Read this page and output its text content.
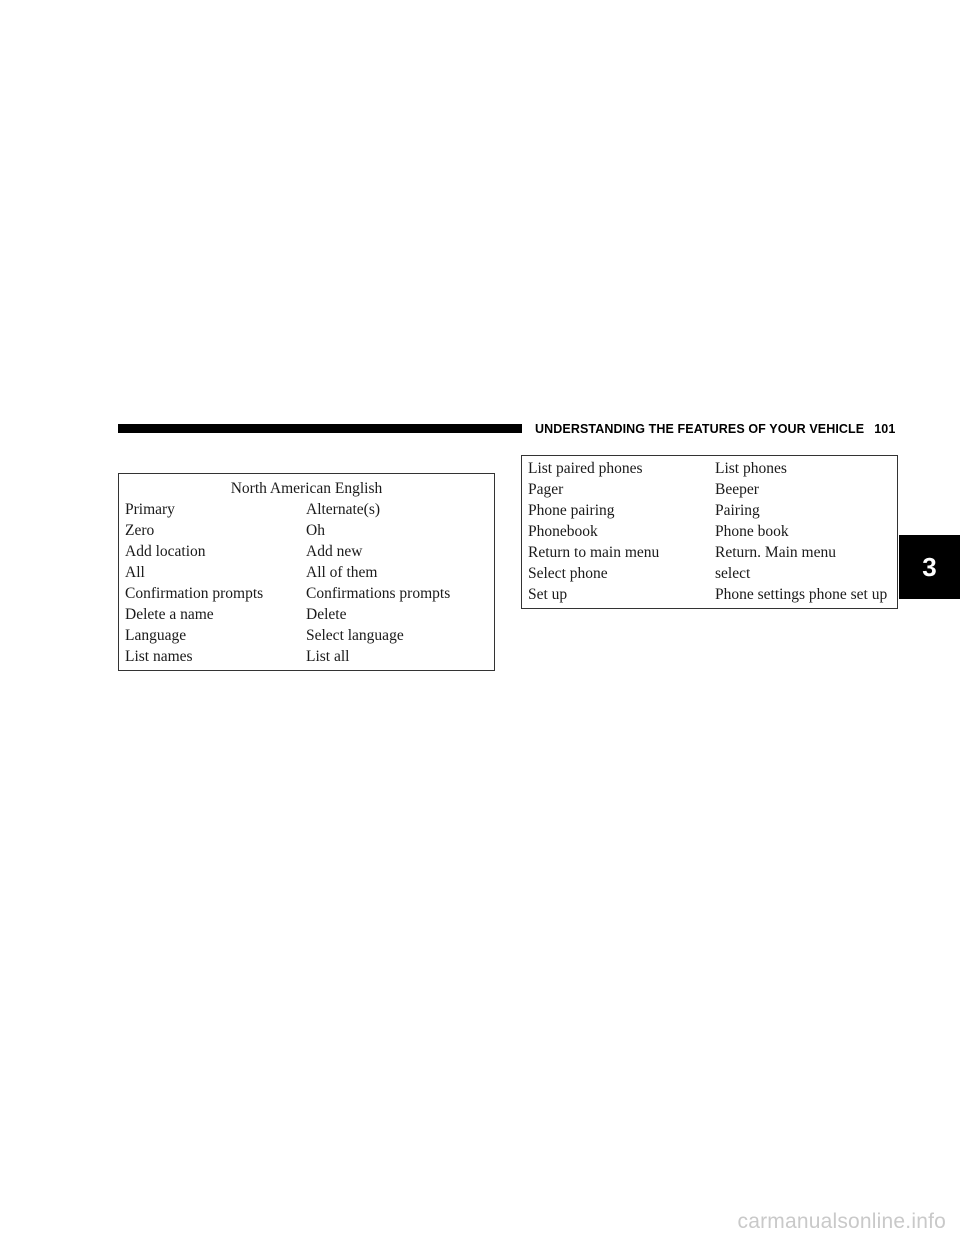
UNDERSTANDING THE FEATURES OF YOUR VEHICLE 101
3
North American English
Primary	Alternate(s)
Zero	Oh
Add location	Add new
All	All of them
Confirmation prompts	Confirmations prompts
Delete a name	Delete
Language	Select language
List names	List all
List paired phones	List phones
Pager	Beeper
Phone pairing	Pairing
Phonebook	Phone book
Return to main menu	Return. Main menu
Select phone	select
Set up	Phone settings phone set up
carmanualsonline.info
